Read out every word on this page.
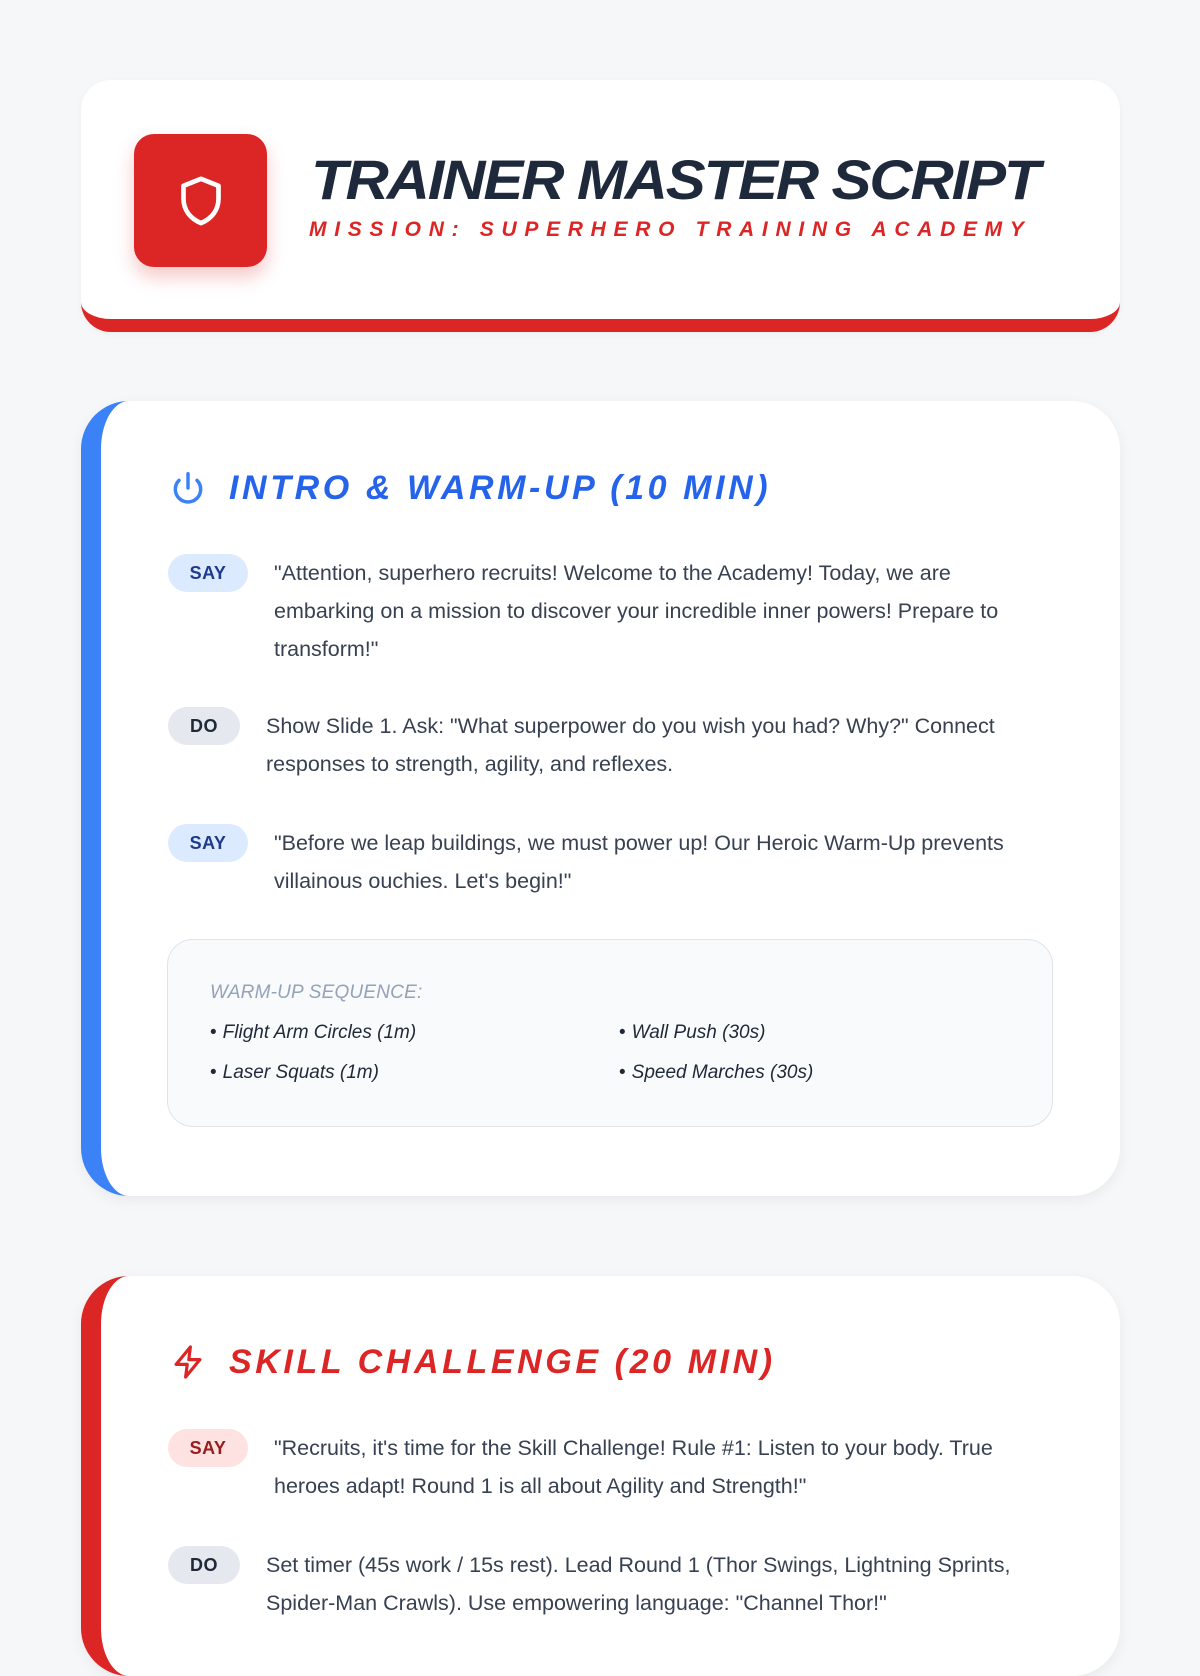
TRAINER MASTER SCRIPT
MISSION: SUPERHERO TRAINING ACADEMY
INTRO & WARM-UP (10 MIN)
SAY	"Attention, superhero recruits! Welcome to the Academy! Today, we are embarking on a mission to discover your incredible inner powers! Prepare to transform!"

DO	Show Slide 1. Ask: "What superpower do you wish you had? Why?" Connect responses to strength, agility, and reflexes.

SAY	"Before we leap buildings, we must power up! Our Heroic Warm-Up prevents villainous ouchies. Let's begin!"

WARM-UP SEQUENCE:
• Flight Arm Circles (1m)	• Wall Push (30s)
• Laser Squats (1m)	• Speed Marches (30s)
SKILL CHALLENGE (20 MIN)
SAY	"Recruits, it's time for the Skill Challenge! Rule #1: Listen to your body. True heroes adapt! Round 1 is all about Agility and Strength!"

DO	Set timer (45s work / 15s rest). Lead Round 1 (Thor Swings, Lightning Sprints, Spider-Man Crawls). Use empowering language: "Channel Thor!"
